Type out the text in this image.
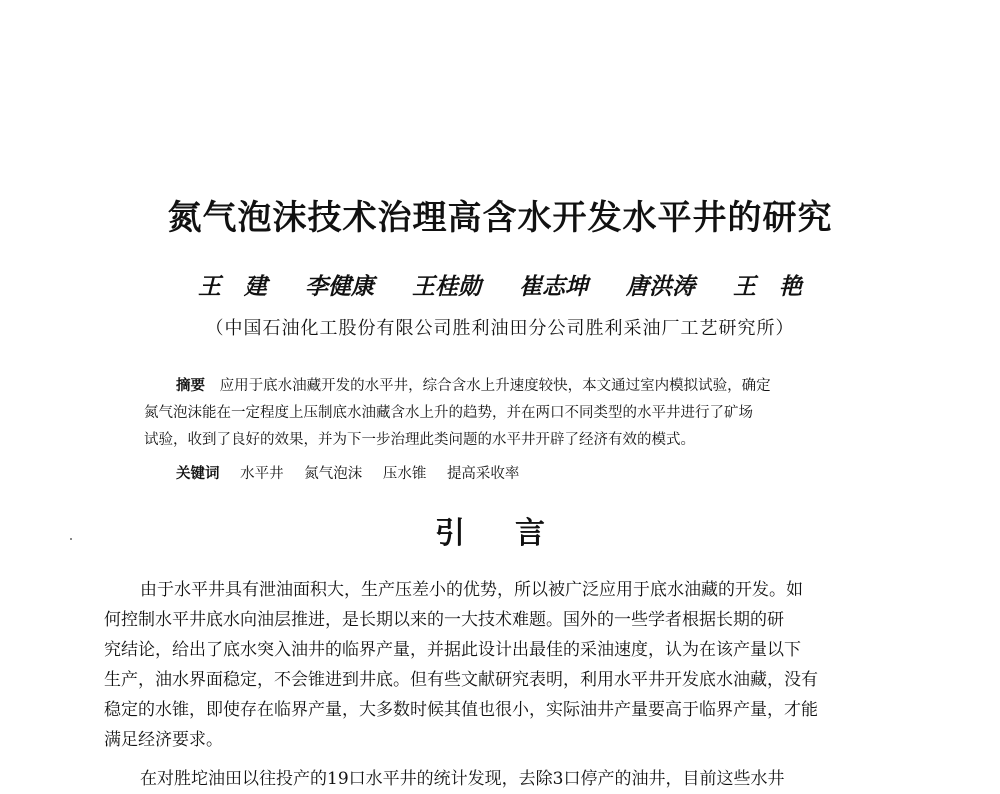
氮气泡沫技术治理高含水开发水平井的研究
王　建 李健康 王桂勋 崔志坤 唐洪涛 王　艳
（中国石油化工股份有限公司胜利油田分公司胜利采油厂工艺研究所）
摘要 应用于底水油藏开发的水平井，综合含水上升速度较快，本文通过室内模拟试验，确定
氮气泡沫能在一定程度上压制底水油藏含水上升的趋势，并在两口不同类型的水平井进行了矿场
试验，收到了良好的效果，并为下一步治理此类问题的水平井开辟了经济有效的模式。
关键词 水平井 氮气泡沫 压水锥 提高采收率
引言
由于水平井具有泄油面积大，生产压差小的优势，所以被广泛应用于底水油藏的开发。如
何控制水平井底水向油层推进，是长期以来的一大技术难题。国外的一些学者根据长期的研
究结论，给出了底水突入油井的临界产量，并据此设计出最佳的采油速度，认为在该产量以下
生产，油水界面稳定，不会锥进到井底。但有些文献研究表明，利用水平井开发底水油藏，没有
稳定的水锥，即使存在临界产量，大多数时候其值也很小，实际油井产量要高于临界产量，才能
满足经济要求。
在对胜坨油田以往投产的19口水平井的统计发现，去除3口停产的油井，目前这些水井
